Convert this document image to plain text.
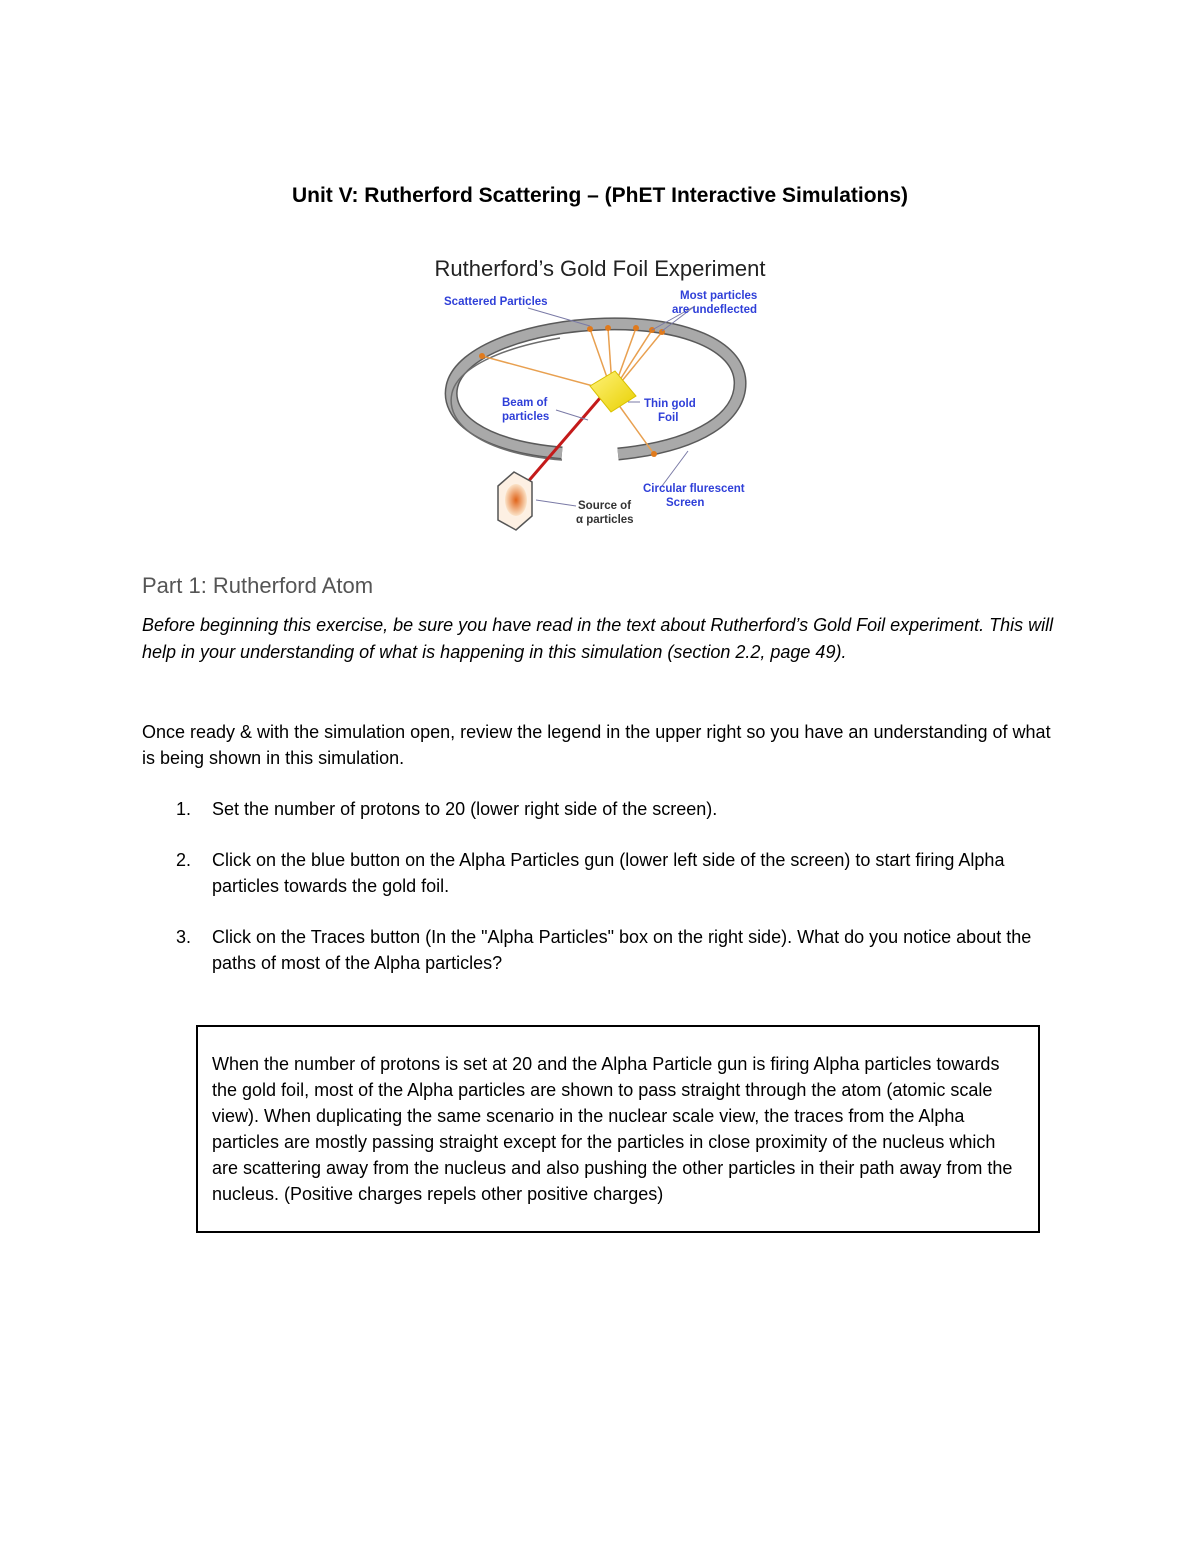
Unit V: Rutherford Scattering – (PhET Interactive Simulations)
Rutherford’s Gold Foil Experiment
Scattered Particles	Most particles
are undeflected
Beam of
particles
Thin gold
Foil
Circular flurescent
Screen
Source of
α particles
Part 1: Rutherford Atom

Before beginning this exercise, be sure you have read in the text about Rutherford’s Gold Foil experiment. This will help in your understanding of what is happening in this simulation (section 2.2, page 49).

Once ready & with the simulation open, review the legend in the upper right so you have an understanding of what is being shown in this simulation.

1. Set the number of protons to 20 (lower right side of the screen).
2. Click on the blue button on the Alpha Particles gun (lower left side of the screen) to start firing Alpha particles towards the gold foil.
3. Click on the Traces button (In the "Alpha Particles" box on the right side). What do you notice about the paths of most of the Alpha particles?
When the number of protons is set at 20 and the Alpha Particle gun is firing Alpha particles towards the gold foil, most of the Alpha particles are shown to pass straight through the atom (atomic scale view). When duplicating the same scenario in the nuclear scale view, the traces from the Alpha particles are mostly passing straight except for the particles in close proximity of the nucleus which are scattering away from the nucleus and also pushing the other particles in their path away from the nucleus. (Positive charges repels other positive charges)
